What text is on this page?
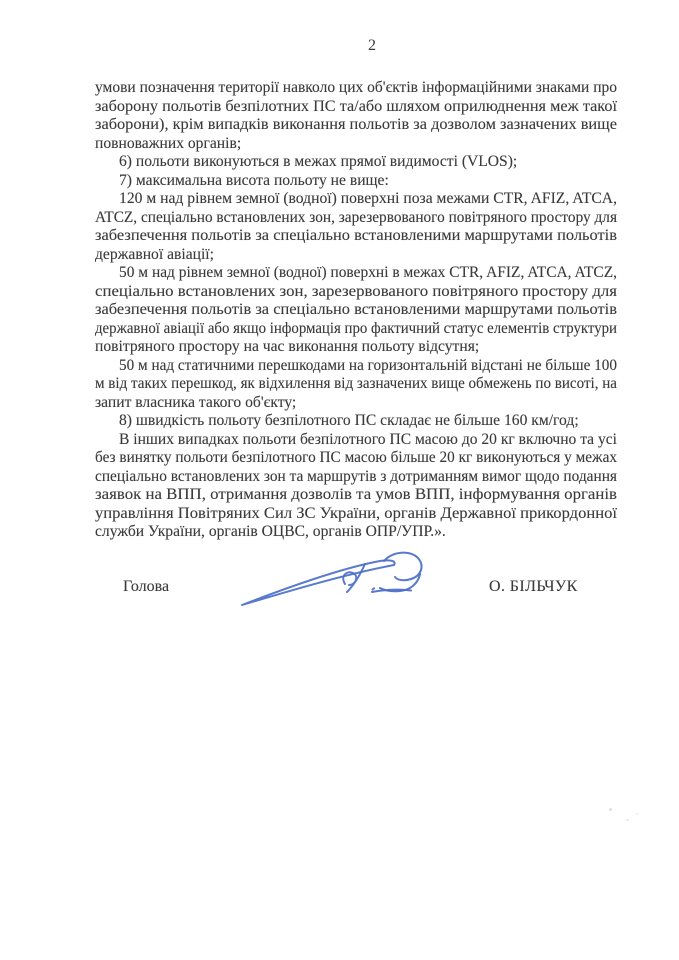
2
умови позначення території навколо цих об'єктів інформаційними знаками про
заборону польотів безпілотних ПС та/або шляхом оприлюднення меж такої
заборони), крім випадків виконання польотів за дозволом зазначених вище
повноважних органів;
6) польоти виконуються в межах прямої видимості (VLOS);
7) максимальна висота польоту не вище:
120 м над рівнем земної (водної) поверхні поза межами CTR, AFIZ, ATCA,
ATCZ, спеціально встановлених зон, зарезервованого повітряного простору для
забезпечення польотів за спеціально встановленими маршрутами польотів
державної авіації;
50 м над рівнем земної (водної) поверхні в межах CTR, AFIZ, ATCA, ATCZ,
спеціально встановлених зон, зарезервованого повітряного простору для
забезпечення польотів за спеціально встановленими маршрутами польотів
державної авіації або якщо інформація про фактичний статус елементів структури
повітряного простору на час виконання польоту відсутня;
50 м над статичними перешкодами на горизонтальній відстані не більше 100
м від таких перешкод, як відхилення від зазначених вище обмежень по висоті, на
запит власника такого об'єкту;
8) швидкість польоту безпілотного ПС складає не більше 160 км/год;
В інших випадках польоти безпілотного ПС масою до 20 кг включно та усі
без винятку польоти безпілотного ПС масою більше 20 кг виконуються у межах
спеціально встановлених зон та маршрутів з дотриманням вимог щодо подання
заявок на ВПП, отримання дозволів та умов ВПП, інформування органів
управління Повітряних Сил ЗС України, органів Державної прикордонної
служби України, органів ОЦВС, органів ОПР/УПР.».
Голова	О. БІЛЬЧУК
